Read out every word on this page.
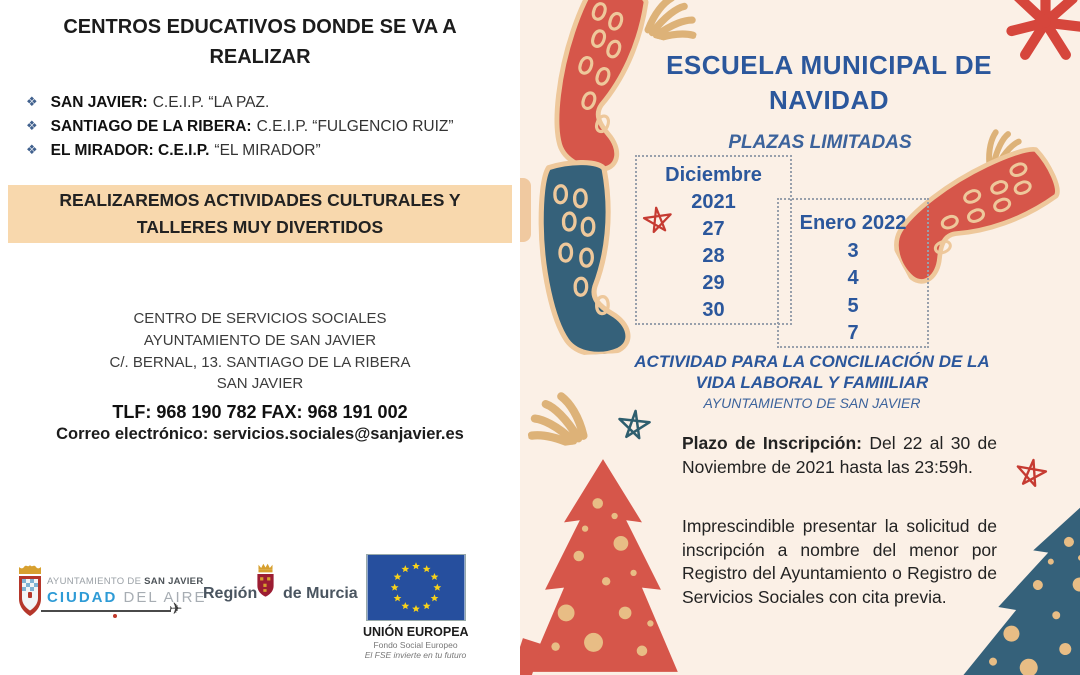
CENTROS EDUCATIVOS DONDE SE VA A REALIZAR
❖ SAN JAVIER: C.E.I.P. “LA PAZ.
❖ SANTIAGO DE LA RIBERA: C.E.I.P. “FULGENCIO RUIZ”
❖ EL MIRADOR: C.E.I.P. “EL MIRADOR”
REALIZAREMOS ACTIVIDADES CULTURALES Y TALLERES MUY DIVERTIDOS
CENTRO DE SERVICIOS SOCIALES
AYUNTAMIENTO DE SAN JAVIER
C/. BERNAL, 13. SANTIAGO DE LA RIBERA
SAN JAVIER
TLF: 968 190 782 FAX: 968 191 002
Correo electrónico: servicios.sociales@sanjavier.es
AYUNTAMIENTO DE SAN JAVIER
CIUDAD DEL AIRE
✈
Región de Murcia
UNIÓN EUROPEA
Fondo Social Europeo
El FSE invierte en tu futuro
ESCUELA MUNICIPAL DE NAVIDAD
PLAZAS LIMITADAS
Diciembre
2021
27
28
29
30
Enero 2022
3
4
5
7
ACTIVIDAD PARA LA CONCILIACIÓN DE LA
VIDA LABORAL Y FAMIILIAR
AYUNTAMIENTO DE SAN JAVIER

Plazo de Inscripción: Del 22 al 30 de Noviembre de 2021 hasta las 23:59h.

Imprescindible presentar la solicitud de inscripción a nombre del menor por Registro del Ayuntamiento o Registro de Servicios Sociales con cita previa.
